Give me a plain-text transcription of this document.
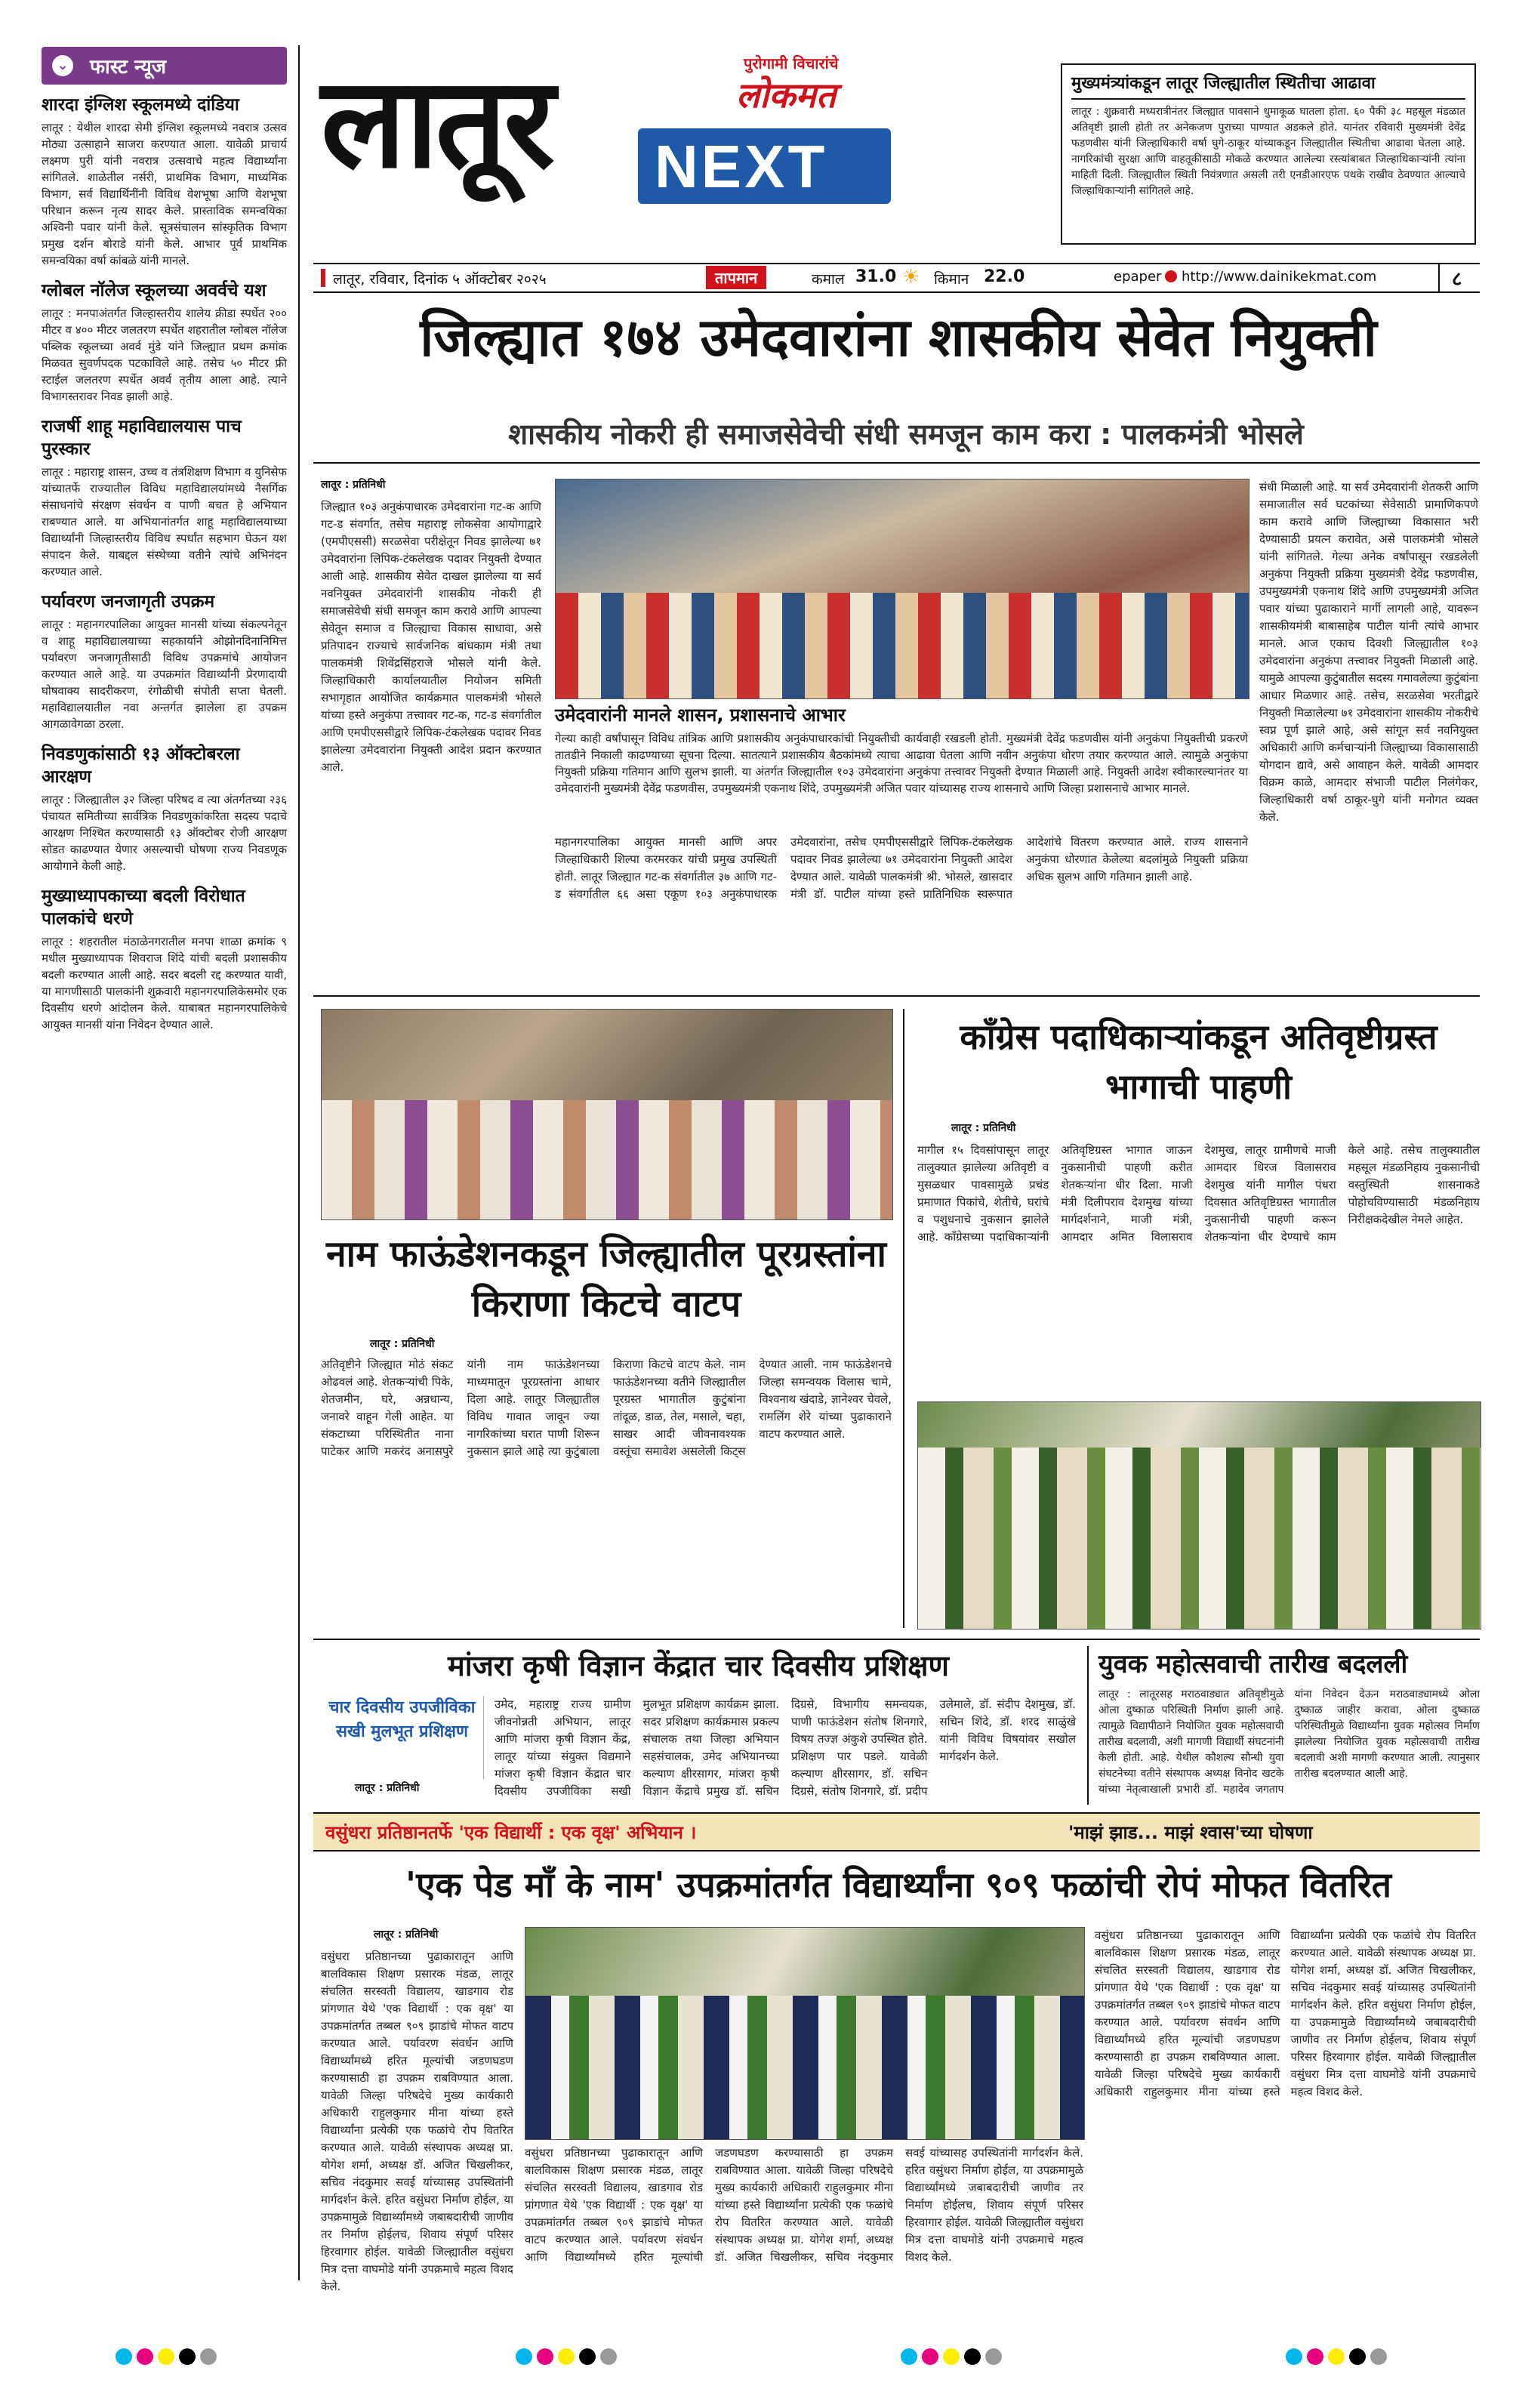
⌄ फास्ट न्यूज
शारदा इंग्लिश स्कूलमध्ये दांडिया
लातूर : येथील शारदा सेमी इंग्लिश स्कूलमध्ये नवरात्र उत्सव मोठ्या उत्साहाने साजरा करण्यात आला. यावेळी प्राचार्य लक्ष्मण पुरी यांनी नवरात्र उत्सवाचे महत्व विद्यार्थ्यांना सांगितले. शाळेतील नर्सरी, प्राथमिक विभाग, माध्यमिक विभाग, सर्व विद्यार्थिनींनी विविध वेशभूषा आणि वेशभूषा परिधान करून नृत्य सादर केले. प्रास्ताविक समन्वयिका अश्विनी पवार यांनी केले. सूत्रसंचालन सांस्कृतिक विभाग प्रमुख दर्शन बोराडे यांनी केले. आभार पूर्व प्राथमिक समन्वयिका वर्षा कांबळे यांनी मानले.
ग्लोबल नॉलेज स्कूलच्या अवर्वचे यश
लातूर : मनपाअंतर्गत जिल्हास्तरीय शालेय क्रीडा स्पर्धेत २०० मीटर व ४०० मीटर जलतरण स्पर्धेत शहरातील ग्लोबल नॉलेज पब्लिक स्कूलच्या अवर्व मुंडे यांने जिल्ह्यात प्रथम क्रमांक मिळवत सुवर्णपदक पटकाविले आहे. तसेच ५० मीटर फ्री स्टाईल जलतरण स्पर्धेत अवर्व तृतीय आला आहे. त्याने विभागस्तरावर निवड झाली आहे.
राजर्षी शाहू महाविद्यालयास पाच पुरस्कार
लातूर : महाराष्ट्र शासन, उच्च व तंत्रशिक्षण विभाग व युनिसेफ यांच्यातर्फे राज्यातील विविध महाविद्यालयांमध्ये नैसर्गिक संसाधनांचे संरक्षण संवर्धन व पाणी बचत हे अभियान राबण्यात आले. या अभियानांतर्गत शाहू महाविद्यालयाच्या विद्यार्थ्यांनी जिल्हास्तरीय विविध स्पर्धांत सहभाग घेऊन यश संपादन केले. याबद्दल संस्थेच्या वतीने त्यांचे अभिनंदन करण्यात आले.
पर्यावरण जनजागृती उपक्रम
लातूर : महानगरपालिका आयुक्त मानसी यांच्या संकल्पनेतून व शाहू महाविद्यालयाच्या सहकार्याने ओझोनदिनानिमित्त पर्यावरण जनजागृतीसाठी विविध उपक्रमांचे आयोजन करण्यात आले आहे. या उपक्रमांत विद्यार्थ्यांनी प्रेरणादायी घोषवाक्य सादरीकरण, रंगोळीची संपोती सप्ता घेतली. महाविद्यालयातील नवा अन्तर्गत झालेला हा उपक्रम आगळावेगळा ठरला.
निवडणुकांसाठी १३ ऑक्टोबरला आरक्षण
लातूर : जिल्ह्यातील ३२ जिल्हा परिषद व त्या अंतर्गतच्या २३६ पंचायत समितीच्या सार्वत्रिक निवडणुकांकरिता सदस्य पदाचे आरक्षण निश्चित करण्यासाठी १३ ऑक्टोबर रोजी आरक्षण सोडत काढण्यात येणार असल्याची घोषणा राज्य निवडणूक आयोगाने केली आहे.
मुख्याध्यापकाच्या बदली विरोधात पालकांचे धरणे
लातूर : शहरातील मंठाळेनगरातील मनपा शाळा क्रमांक ९ मधील मुख्याध्यापक शिवराज शिंदे यांची बदली प्रशासकीय बदली करण्यात आली आहे. सदर बदली रद्द करण्यात यावी, या मागणीसाठी पालकांनी शुक्रवारी महानगरपालिकेसमोर एक दिवसीय धरणे आंदोलन केले. याबाबत महानगरपालिकेचे आयुक्त मानसी यांना निवेदन देण्यात आले.
लातूर	पुरोगामी विचारांचे
लोकमत
NEXT
मुख्यमंत्र्यांकडून लातूर जिल्ह्यातील स्थितीचा आढावा
लातूर : शुक्रवारी मध्यरात्रीनंतर जिल्ह्यात पावसाने धुमाकूळ घातला होता. ६० पैकी ३८ महसूल मंडळात अतिवृष्टी झाली होती तर अनेकजण पुराच्या पाण्यात अडकले होते. यानंतर रविवारी मुख्यमंत्री देवेंद्र फडणवीस यांनी जिल्हाधिकारी वर्षा घुगे-ठाकूर यांच्याकडून जिल्ह्यातील स्थितीचा आढावा घेतला आहे. नागरिकांची सुरक्षा आणि वाहतूकीसाठी मोकळे करण्यात आलेल्या रस्त्यांबाबत जिल्हाधिकाऱ्यांनी त्यांना माहिती दिली. जिल्ह्यातील स्थिती नियंत्रणात असली तरी एनडीआरएफ पथके राखीव ठेवण्यात आल्याचे जिल्हाधिकाऱ्यांनी सांगितले आहे.
लातूर, रविवार, दिनांक ५ ऑक्टोबर २०२५	तापमान	कमाल 31.0 ☀ किमान 22.0	epaper http://www.dainikekmat.com	८
जिल्ह्यात १७४ उमेदवारांना शासकीय सेवेत नियुक्ती
शासकीय नोकरी ही समाजसेवेची संधी समजून काम करा : पालकमंत्री भोसले
लातूर : प्रतिनिधी
जिल्ह्यात १०३ अनुकंपाधारक उमेदवारांना गट-क आणि गट-ड संवर्गात, तसेच महाराष्ट्र लोकसेवा आयोगाद्वारे (एमपीएससी) सरळसेवा परीक्षेतून निवड झालेल्या ७१ उमेदवारांना लिपिक-टंकलेखक पदावर नियुक्ती देण्यात आली आहे. शासकीय सेवेत दाखल झालेल्या या सर्व नवनियुक्त उमेदवारांनी शासकीय नोकरी ही समाजसेवेची संधी समजून काम करावे आणि आपल्या सेवेतून समाज व जिल्ह्याचा विकास साधावा, असे प्रतिपादन राज्याचे सार्वजनिक बांधकाम मंत्री तथा पालकमंत्री शिवेंद्रसिंहराजे भोसले यांनी केले. जिल्हाधिकारी कार्यालयातील नियोजन समिती सभागृहात आयोजित कार्यक्रमात पालकमंत्री भोसले यांच्या हस्ते अनुकंपा तत्त्वावर गट-क, गट-ड संवर्गातील आणि एमपीएससीद्वारे लिपिक-टंकलेखक पदावर निवड झालेल्या उमेदवारांना नियुक्ती आदेश प्रदान करण्यात आले.
उमेदवारांनी मानले शासन, प्रशासनाचे आभार
गेल्या काही वर्षांपासून विविध तांत्रिक आणि प्रशासकीय अनुकंपाधारकांची नियुक्तीची कार्यवाही रखडली होती. मुख्यमंत्री देवेंद्र फडणवीस यांनी अनुकंपा नियुक्तीची प्रकरणे तातडीने निकाली काढण्याच्या सूचना दिल्या. सातत्याने प्रशासकीय बैठकांमध्ये त्याचा आढावा घेतला आणि नवीन अनुकंपा धोरण तयार करण्यात आले. त्यामुळे अनुकंपा नियुक्ती प्रक्रिया गतिमान आणि सुलभ झाली. या अंतर्गत जिल्ह्यातील १०३ उमेदवारांना अनुकंपा तत्त्वावर नियुक्ती देण्यात मिळाली आहे. नियुक्ती आदेश स्वीकारल्यानंतर या उमेदवारांनी मुख्यमंत्री देवेंद्र फडणवीस, उपमुख्यमंत्री एकनाथ शिंदे, उपमुख्यमंत्री अजित पवार यांच्यासह राज्य शासनाचे आणि जिल्हा प्रशासनाचे आभार मानले.
महानगरपालिका आयुक्त मानसी आणि अपर जिल्हाधिकारी शिल्पा करमरकर यांची प्रमुख उपस्थिती होती. लातूर जिल्ह्यात गट-क संवर्गातील ३७ आणि गट-ड संवर्गातील ६६ असा एकूण १०३ अनुकंपाधारक उमेदवारांना, तसेच एमपीएससीद्वारे लिपिक-टंकलेखक पदावर निवड झालेल्या ७१ उमेदवारांना नियुक्ती आदेश देण्यात आले. यावेळी पालकमंत्री श्री. भोसले, खासदार मंत्री डॉ. पाटील यांच्या हस्ते प्रातिनिधिक स्वरूपात आदेशांचे वितरण करण्यात आले. राज्य शासनाने अनुकंपा धोरणात केलेल्या बदलांमुळे नियुक्ती प्रक्रिया अधिक सुलभ आणि गतिमान झाली आहे.
संधी मिळाली आहे. या सर्व उमेदवारांनी शेतकरी आणि समाजातील सर्व घटकांच्या सेवेसाठी प्रामाणिकपणे काम करावे आणि जिल्ह्याच्या विकासात भरी देण्यासाठी प्रयत्न करावेत, असे पालकमंत्री भोसले यांनी सांगितले. गेल्या अनेक वर्षांपासून रखडलेली अनुकंपा नियुक्ती प्रक्रिया मुख्यमंत्री देवेंद्र फडणवीस, उपमुख्यमंत्री एकनाथ शिंदे आणि उपमुख्यमंत्री अजित पवार यांच्या पुढाकाराने मार्गी लागली आहे, यावरून शासकीयमंत्री बाबासाहेब पाटील यांनी त्यांचे आभार मानले. आज एकाच दिवशी जिल्ह्यातील १०३ उमेदवारांना अनुकंपा तत्त्वावर नियुक्ती मिळाली आहे. यामुळे आपल्या कुटुंबातील सदस्य गमावलेल्या कुटुंबांना आधार मिळणार आहे. तसेच, सरळसेवा भरतीद्वारे नियुक्ती मिळालेल्या ७१ उमेदवारांना शासकीय नोकरीचे स्वप्न पूर्ण झाले आहे, असे सांगून सर्व नवनियुक्त अधिकारी आणि कर्मचाऱ्यांनी जिल्ह्याच्या विकासासाठी योगदान द्यावे, असे आवाहन केले. यावेळी आमदार विक्रम काळे, आमदार संभाजी पाटील निलंगेकर, जिल्हाधिकारी वर्षा ठाकूर-घुगे यांनी मनोगत व्यक्त केले.
नाम फाऊंडेशनकडून जिल्ह्यातील पूरग्रस्तांना किराणा किटचे वाटप
लातूर : प्रतिनिधी
अतिवृष्टीने जिल्ह्यात मोठं संकट ओढवलं आहे. शेतकऱ्यांची पिके, शेतजमीन, घरे, अन्नधान्य, जनावरे वाहून गेली आहेत. या संकटाच्या परिस्थितीत नाना पाटेकर आणि मकरंद अनासपुरे यांनी नाम फाऊंडेशनच्या माध्यमातून पूरग्रस्तांना आधार दिला आहे. लातूर जिल्ह्यातील विविध गावात जावून ज्या नागरिकांच्या घरात पाणी शिरून नुकसान झाले आहे त्या कुटुंबाला किराणा किटचे वाटप केले. नाम फाऊंडेशनच्या वतीने जिल्ह्यातील पूरग्रस्त भागातील कुटुंबांना तांदूळ, डाळ, तेल, मसाले, चहा, साखर आदी जीवनावश्यक वस्तूंचा समावेश असलेली किट्स देण्यात आली. नाम फाऊंडेशनचे जिल्हा समन्वयक विलास चामे, विश्वनाथ खंदाडे, ज्ञानेश्वर चेवले, रामलिंग शेरे यांच्या पुढाकाराने वाटप करण्यात आले.
काँग्रेस पदाधिकाऱ्यांकडून अतिवृष्टीग्रस्त भागाची पाहणी
लातूर : प्रतिनिधी
मागील १५ दिवसांपासून लातूर तालुक्यात झालेल्या अतिवृष्टी व मुसळधार पावसामुळे प्रचंड प्रमाणात पिकांचे, शेतीचे, घरांचे व पशुधनाचे नुकसान झालेले आहे. काँग्रेसच्या पदाधिकाऱ्यांनी अतिवृष्टिग्रस्त भागात जाऊन नुकसानीची पाहणी करीत शेतकऱ्यांना धीर दिला. माजी मंत्री दिलीपराव देशमुख यांच्या मार्गदर्शनाने, माजी मंत्री, आमदार अमित विलासराव देशमुख, लातूर ग्रामीणचे माजी आमदार धिरज विलासराव देशमुख यांनी मागील पंधरा दिवसात अतिवृष्टिग्रस्त भागातील नुकसानीची पाहणी करून शेतकऱ्यांना धीर देण्याचे काम केले आहे. तसेच तालुक्यातील महसूल मंडळनिहाय नुकसानीची वस्तुस्थिती शासनाकडे पोहोचविण्यासाठी मंडळनिहाय निरीक्षकदेखील नेमले आहेत.
मांजरा कृषी विज्ञान केंद्रात चार दिवसीय प्रशिक्षण
चार दिवसीय उपजीविका सखी मुलभूत प्रशिक्षण
लातूर : प्रतिनिधी
उमेद, महाराष्ट्र राज्य ग्रामीण जीवनोन्नती अभियान, लातूर आणि मांजरा कृषी विज्ञान केंद्र, लातूर यांच्या संयुक्त विद्यमाने मांजरा कृषी विज्ञान केंद्रात चार दिवसीय उपजीविका सखी मुलभूत प्रशिक्षण कार्यक्रम झाला. सदर प्रशिक्षण कार्यक्रमास प्रकल्प संचालक तथा जिल्हा अभियान सहसंचालक, उमेद अभियानच्या कल्याण क्षीरसागर, मांजरा कृषी विज्ञान केंद्राचे प्रमुख डॉ. सचिन दिग्रसे, विभागीय समन्वयक, पाणी फाऊंडेशन संतोष शिनगारे, विषय तज्ज्ञ अंकुशे उपस्थित होते. प्रशिक्षण पार पडले. यावेळी कल्याण क्षीरसागर, डॉ. सचिन दिग्रसे, संतोष शिनगारे, डॉ. प्रदीप उलेमाले, डॉ. संदीप देशमुख, डॉ. सचिन शिंदे, डॉ. शरद साळुंखे यांनी विविध विषयांवर सखोल मार्गदर्शन केले.
युवक महोत्सवाची तारीख बदलली
लातूर : लातूरसह मराठवाड्यात अतिवृष्टीमुळे ओला दुष्काळ परिस्थिती निर्माण झाली आहे. त्यामुळे विद्यापीठाने नियोजित युवक महोत्सवाची तारीख बदलावी, अशी मागणी विद्यार्थी संघटनांनी केली होती. आहे. येथील कौशल्य सौन्धी युवा संघटनेच्या वतीने संस्थापक अध्यक्ष विनोद खटके यांच्या नेतृत्वाखाली प्रभारी डॉ. महादेव जगताप यांना निवेदन देऊन मराठवाड्यामध्ये ओला दुष्काळ जाहीर करावा, ओला दुष्काळ परिस्थितीमुळे विद्यार्थ्यांना युवक महोत्सव निर्माण झालेल्या नियोजित युवक महोत्सवाची तारीख बदलावी अशी मागणी करण्यात आली. त्यानुसार तारीख बदलण्यात आली आहे.
वसुंधरा प्रतिष्ठानतर्फे 'एक विद्यार्थी : एक वृक्ष' अभियान ।	'माझं झाड... माझं श्वास'च्या घोषणा
'एक पेड माँ के नाम' उपक्रमांतर्गत विद्यार्थ्यांना ९०९ फळांची रोपं मोफत वितरित
लातूर : प्रतिनिधी
वसुंधरा प्रतिष्ठानच्या पुढाकारातून आणि बालविकास शिक्षण प्रसारक मंडळ, लातूर संचलित सरस्वती विद्यालय, खाडगाव रोड प्रांगणात येथे 'एक विद्यार्थी : एक वृक्ष' या उपक्रमांतर्गत तब्बल ९०९ झाडांचे मोफत वाटप करण्यात आले. पर्यावरण संवर्धन आणि विद्यार्थ्यांमध्ये हरित मूल्यांची जडणघडण करण्यासाठी हा उपक्रम राबविण्यात आला. यावेळी जिल्हा परिषदेचे मुख्य कार्यकारी अधिकारी राहुलकुमार मीना यांच्या हस्ते विद्यार्थ्यांना प्रत्येकी एक फळांचे रोप वितरित करण्यात आले. यावेळी संस्थापक अध्यक्ष प्रा. योगेश शर्मा, अध्यक्ष डॉ. अजित चिखलीकर, सचिव नंदकुमार सवई यांच्यासह उपस्थितांनी मार्गदर्शन केले. हरित वसुंधरा निर्माण होईल, या उपक्रमामुळे विद्यार्थ्यांमध्ये जबाबदारीची जाणीव तर निर्माण होईलच, शिवाय संपूर्ण परिसर हिरवागार होईल. यावेळी जिल्ह्यातील वसुंधरा मित्र दत्ता वाघमोडे यांनी उपक्रमाचे महत्व विशद केले.
वसुंधरा प्रतिष्ठानच्या पुढाकारातून आणि बालविकास शिक्षण प्रसारक मंडळ, लातूर संचलित सरस्वती विद्यालय, खाडगाव रोड प्रांगणात येथे 'एक विद्यार्थी : एक वृक्ष' या उपक्रमांतर्गत तब्बल ९०९ झाडांचे मोफत वाटप करण्यात आले. पर्यावरण संवर्धन आणि विद्यार्थ्यांमध्ये हरित मूल्यांची जडणघडण करण्यासाठी हा उपक्रम राबविण्यात आला. यावेळी जिल्हा परिषदेचे मुख्य कार्यकारी अधिकारी राहुलकुमार मीना यांच्या हस्ते विद्यार्थ्यांना प्रत्येकी एक फळांचे रोप वितरित करण्यात आले. यावेळी संस्थापक अध्यक्ष प्रा. योगेश शर्मा, अध्यक्ष डॉ. अजित चिखलीकर, सचिव नंदकुमार सवई यांच्यासह उपस्थितांनी मार्गदर्शन केले. हरित वसुंधरा निर्माण होईल, या उपक्रमामुळे विद्यार्थ्यांमध्ये जबाबदारीची जाणीव तर निर्माण होईलच, शिवाय संपूर्ण परिसर हिरवागार होईल. यावेळी जिल्ह्यातील वसुंधरा मित्र दत्ता वाघमोडे यांनी उपक्रमाचे महत्व विशद केले.
वसुंधरा प्रतिष्ठानच्या पुढाकारातून आणि बालविकास शिक्षण प्रसारक मंडळ, लातूर संचलित सरस्वती विद्यालय, खाडगाव रोड प्रांगणात येथे 'एक विद्यार्थी : एक वृक्ष' या उपक्रमांतर्गत तब्बल ९०९ झाडांचे मोफत वाटप करण्यात आले. पर्यावरण संवर्धन आणि विद्यार्थ्यांमध्ये हरित मूल्यांची जडणघडण करण्यासाठी हा उपक्रम राबविण्यात आला. यावेळी जिल्हा परिषदेचे मुख्य कार्यकारी अधिकारी राहुलकुमार मीना यांच्या हस्ते विद्यार्थ्यांना प्रत्येकी एक फळांचे रोप वितरित करण्यात आले. यावेळी संस्थापक अध्यक्ष प्रा. योगेश शर्मा, अध्यक्ष डॉ. अजित चिखलीकर, सचिव नंदकुमार सवई यांच्यासह उपस्थितांनी मार्गदर्शन केले. हरित वसुंधरा निर्माण होईल, या उपक्रमामुळे विद्यार्थ्यांमध्ये जबाबदारीची जाणीव तर निर्माण होईलच, शिवाय संपूर्ण परिसर हिरवागार होईल. यावेळी जिल्ह्यातील वसुंधरा मित्र दत्ता वाघमोडे यांनी उपक्रमाचे महत्व विशद केले.
